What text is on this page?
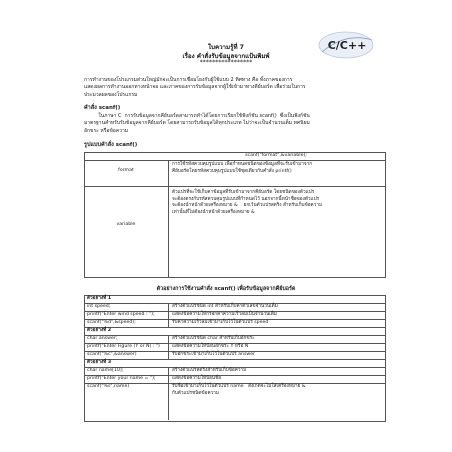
ใบความรู้ที่ 7
เรื่อง คำสั่งรับข้อมูลจากแป้นพิมพ์
*****************
C/C++
การทำงานของโปรแกรมส่วนใหญ่มักจะเป็นการเชื่อมโยงกับผู้ใช้แบบ 2 ทิศทาง คือ ทั้งภาคของการ
แสดงผลการทำงานออกทางหน้าจอ และภาคของการรับข้อมูลจากผู้ใช้เข้ามาทางคีย์บอร์ด เพื่อร่วมในการ
ประมวลผลของโปรแกรม
คำสั่ง scanf()
ในภาษา C  การรับข้อมูลจากคีย์บอร์ดสามารถทำได้โดยการเรียกใช้ฟังก์ชัน scanf()  ซึ่งเป็นฟังก์ชัน
มาตรฐานสำหรับรับข้อมูลจากคีย์บอร์ด โดยสามารถรับข้อมูลได้ทุกประเภท ไม่ว่าจะเป็นจำนวนเต็ม ทศนิยม
อักขระ หรือข้อความ
รูปแบบคำสั่ง scanf()
scanf("format",&variable);
format
การใช้รหัสควบคุมรูปแบบ เพื่อกำหนดชนิดของข้อมูลที่จะรับเข้ามาจาก
คีย์บอร์ดโดยรหัสควบคุมรูปแบบใช้ชุดเดียวกับคำสั่ง printf()
variable
ตัวแปรที่จะใช้เก็บค่าข้อมูลที่รับเข้ามาจากคีย์บอร์ด โดยชนิดของตัวแปร
จะต้องตรงกับรหัสควบคุมรูปแบบที่กำหนดไว้ นอกจากนี้หน้าชื่อของตัวแปร
จะต้องนำหน้าด้วยเครื่องหมาย &    ยกเว้นตัวแปรสตริง สำหรับเก็บข้อความ
เท่านั้นที่ไม่ต้องนำหน้าด้วยเครื่องหมาย &
ตัวอย่างการใช้งานคำสั่ง scanf() เพื่อรับข้อมูลจากคีย์บอร์ด
ตัวอย่างที่ 1
int speed;	สร้างตัวแปรชนิด int สำหรับเก็บค่าตัวเลขจำนวนเต็ม
printf("Enter wind speed : ");	แสดงข้อความให้กรอกค่าความเร็วลมเป็นจำนวนเต็ม
scanf("%d",&speed);	รับค่าความเร็วลมเข้ามาเก็บไว้ในตัวแปร speed
ตัวอย่างที่ 2
char answer;	สร้างตัวแปรชนิด char สำหรับเก็บอักขระ
printf("Enter Figure (Y or N) : ")	แสดงข้อความให้ป้อนอักขระ Y หรือ N
scanf("%c",&answer)	รับอักขระเข้ามาเก็บไว้ในตัวแปร answer
ตัวอย่างที่ 3
char name[10];	สร้างตัวแปรสตริงสำหรับเก็บข้อความ
printf("Enter your name = ");	แสดงข้อความให้ป้อนชื่อ
scanf("%s",name)	รับชื่อเข้ามาเก็บไว้ในตัวแปร name   สังเกตจะไม่ใส่เครื่องหมาย &
กับตัวแปรชนิดข้อความ
